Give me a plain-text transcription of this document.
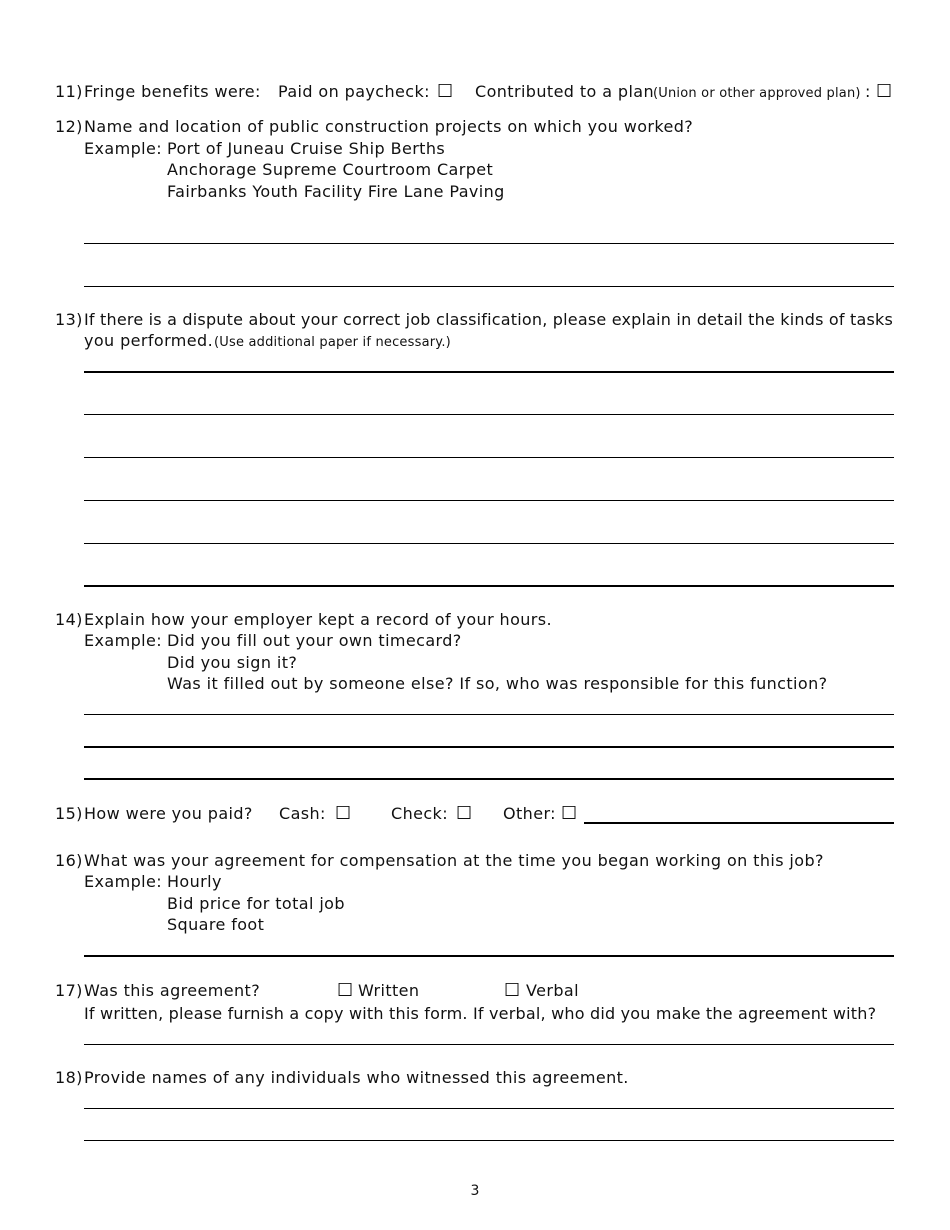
11) Fringe benefits were: Paid on paycheck: ☐ Contributed to a plan
(Union or other approved plan) : ☐
12) Name and location of public construction projects on which you worked?
Example: Port of Juneau Cruise Ship Berths
Anchorage Supreme Courtroom Carpet
Fairbanks Youth Facility Fire Lane Paving
13) If there is a dispute about your correct job classification, please explain in detail the kinds of tasks
you performed. (Use additional paper if necessary.)
14) Explain how your employer kept a record of your hours.
Example: Did you fill out your own timecard?
Did you sign it?
Was it filled out by someone else? If so, who was responsible for this function?
15) How were you paid? Cash: ☐ Check: ☐ Other: ☐
16) What was your agreement for compensation at the time you began working on this job?
Example: Hourly
Bid price for total job
Square foot
17) Was this agreement?	☐ Written	☐ Verbal
If written, please furnish a copy with this form. If verbal, who did you make the agreement with?
18) Provide names of any individuals who witnessed this agreement.
3
